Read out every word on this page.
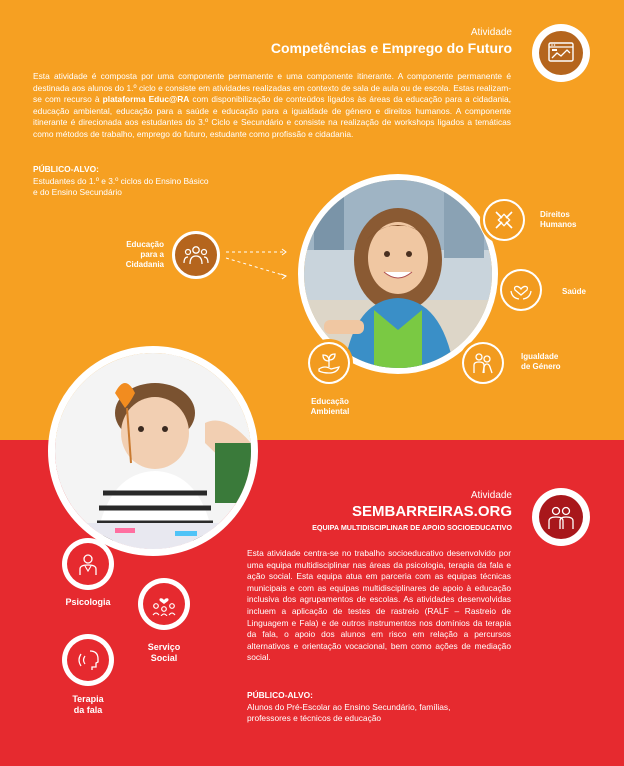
Atividade
Competências e Emprego do Futuro
Esta atividade é composta por uma componente permanente e uma componente itinerante. A componente permanente é destinada aos alunos do 1.º ciclo e consiste em atividades realizadas em contexto de sala de aula ou de escola. Estas realizam-se com recurso à plataforma Educ@RA com disponibilização de conteúdos ligados às áreas da educação para a cidadania, educação ambiental, educação para a saúde e educação para a igualdade de género e direitos humanos. A componente itinerante é direcionada aos estudantes do 3.º Ciclo e Secundário e consiste na realização de workshops ligados a temáticas como métodos de trabalho, emprego do futuro, estudante como profissão e cidadania.
PÚBLICO-ALVO:
Estudantes do 1.º e 3.º ciclos do Ensino Básico
e do Ensino Secundário
Educação
para a
Cidadania
Direitos
Humanos
Saúde
Igualdade
de Género
Educação
Ambiental
Atividade
SEMBARREIRAS.ORG
EQUIPA MULTIDISCIPLINAR DE APOIO SOCIOEDUCATIVO
Esta atividade centra-se no trabalho socioeducativo desenvolvido por uma equipa multidisciplinar nas áreas da psicologia, terapia da fala e ação social. Esta equipa atua em parceria com as equipas técnicas municipais e com as equipas multidisciplinares de apoio à educação inclusiva dos agrupamentos de escolas. As atividades desenvolvidas incluem a aplicação de testes de rastreio (RALF – Rastreio de Linguagem e Fala) e de outros instrumentos nos domínios da terapia da fala, o apoio dos alunos em risco em relação a percursos alternativos e orientação vocacional, bem como ações de mediação social.
PÚBLICO-ALVO:
Alunos do Pré-Escolar ao Ensino Secundário, famílias,
professores e técnicos de educação
Psicologia
Serviço
Social
Terapia
da fala
